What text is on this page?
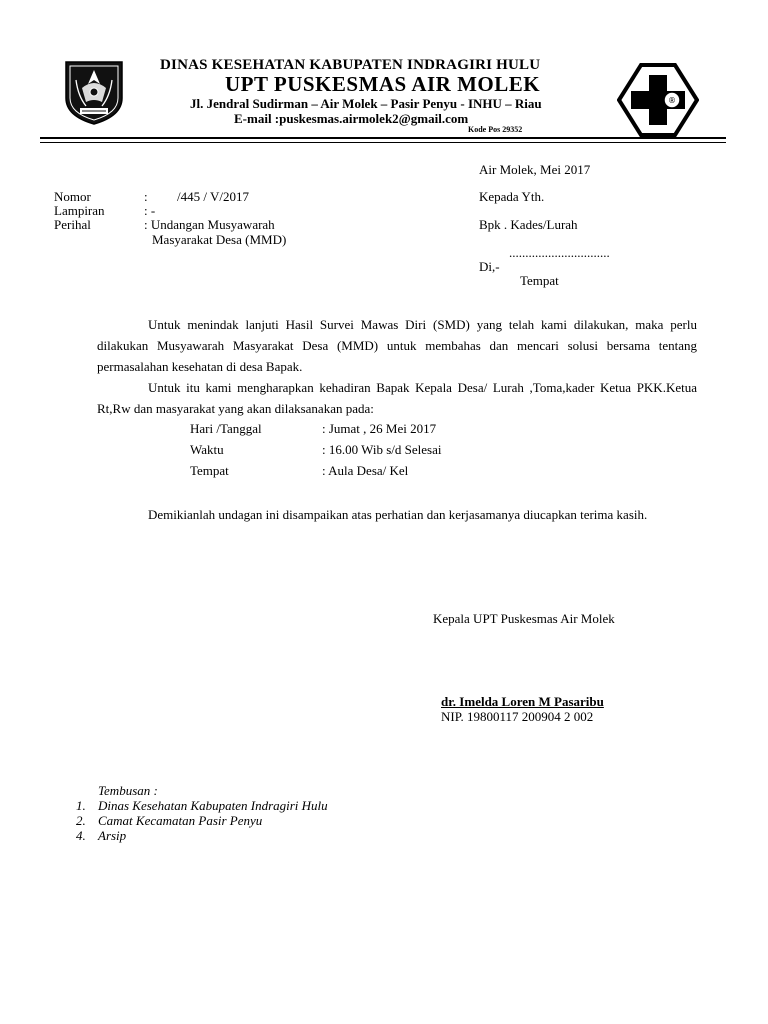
DINAS KESEHATAN KABUPATEN INDRAGIRI HULU
UPT PUSKESMAS AIR MOLEK
Jl. Jendral Sudirman – Air Molek – Pasir Penyu - INHU – Riau
E-mail :puskesmas.airmolek2@gmail.com
Kode Pos 29352
®
Air Molek, Mei 2017
Nomor	: /445 / V/2017
Lampiran	: -
Perihal	: Undangan Musyawarah
Masyarakat Desa (MMD)
Kepada Yth.
Bpk . Kades/Lurah
...............................
Di,-
Tempat
Untuk menindak lanjuti Hasil Survei Mawas Diri (SMD) yang telah kami dilakukan, maka perlu dilakukan Musyawarah Masyarakat Desa (MMD) untuk membahas dan mencari solusi bersama tentang permasalahan kesehatan di desa Bapak.
Untuk itu kami mengharapkan kehadiran Bapak Kepala Desa/ Lurah ,Toma,kader Ketua PKK.Ketua Rt,Rw dan masyarakat yang akan dilaksanakan pada:
Hari /Tanggal	: Jumat , 26 Mei 2017
Waktu	: 16.00 Wib s/d Selesai
Tempat	: Aula Desa/ Kel
Demikianlah undagan ini disampaikan atas perhatian dan kerjasamanya diucapkan terima kasih.
Kepala UPT Puskesmas Air Molek
dr. Imelda Loren M Pasaribu
NIP. 19800117 200904 2 002
Tembusan :
1. Dinas Kesehatan Kabupaten Indragiri Hulu
2. Camat Kecamatan Pasir Penyu
4. Arsip
